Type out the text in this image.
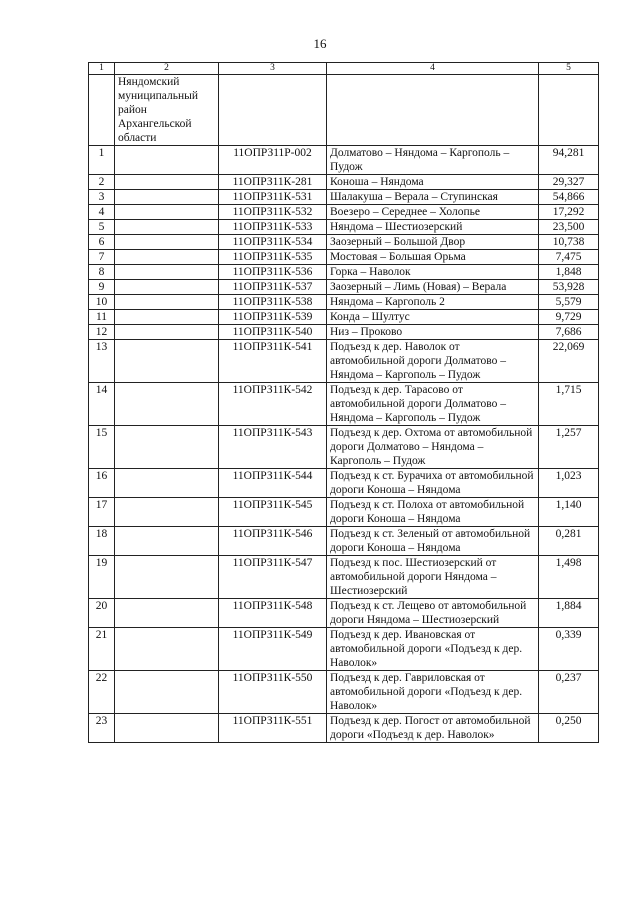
16
1	2	3	4	5
	Няндомский муниципальный район Архангельской области			
1		11ОПРЗ11Р-002	Долматово – Няндома – Каргополь – Пудож	94,281
2		11ОПРЗ11К-281	Коноша – Няндома	29,327
3		11ОПРЗ11К-531	Шалакуша – Верала – Ступинская	54,866
4		11ОПРЗ11К-532	Воезеро – Середнее – Холопье	17,292
5		11ОПРЗ11К-533	Няндома – Шестиозерский	23,500
6		11ОПРЗ11К-534	Заозерный – Большой Двор	10,738
7		11ОПРЗ11К-535	Мостовая – Большая Орьма	7,475
8		11ОПРЗ11К-536	Горка – Наволок	1,848
9		11ОПРЗ11К-537	Заозерный – Лимь (Новая) – Верала	53,928
10		11ОПРЗ11К-538	Няндома – Каргополь 2	5,579
11		11ОПРЗ11К-539	Конда – Шултус	9,729
12		11ОПРЗ11К-540	Низ – Проково	7,686
13		11ОПРЗ11К-541	Подъезд к дер. Наволок от автомобильной дороги Долматово – Няндома – Каргополь – Пудож	22,069
14		11ОПРЗ11К-542	Подъезд к дер. Тарасово от автомобильной дороги Долматово – Няндома – Каргополь – Пудож	1,715
15		11ОПРЗ11К-543	Подъезд к дер. Охтома от автомобильной дороги Долматово – Няндома – Каргополь – Пудож	1,257
16		11ОПРЗ11К-544	Подъезд к ст. Бурачиха от автомобильной дороги Коноша – Няндома	1,023
17		11ОПРЗ11К-545	Подъезд к ст. Полоха от автомобильной дороги Коноша – Няндома	1,140
18		11ОПРЗ11К-546	Подъезд к ст. Зеленый от автомобильной дороги Коноша – Няндома	0,281
19		11ОПРЗ11К-547	Подъезд к пос. Шестиозерский от автомобильной дороги Няндома – Шестиозерский	1,498
20		11ОПРЗ11К-548	Подъезд к ст. Лещево от автомобильной дороги Няндома – Шестиозерский	1,884
21		11ОПРЗ11К-549	Подъезд к дер. Ивановская от автомобильной дороги «Подъезд к дер. Наволок»	0,339
22		11ОПРЗ11К-550	Подъезд к дер. Гавриловская от автомобильной дороги «Подъезд к дер. Наволок»	0,237
23		11ОПРЗ11К-551	Подъезд к дер. Погост от автомобильной дороги «Подъезд к дер. Наволок»	0,250
